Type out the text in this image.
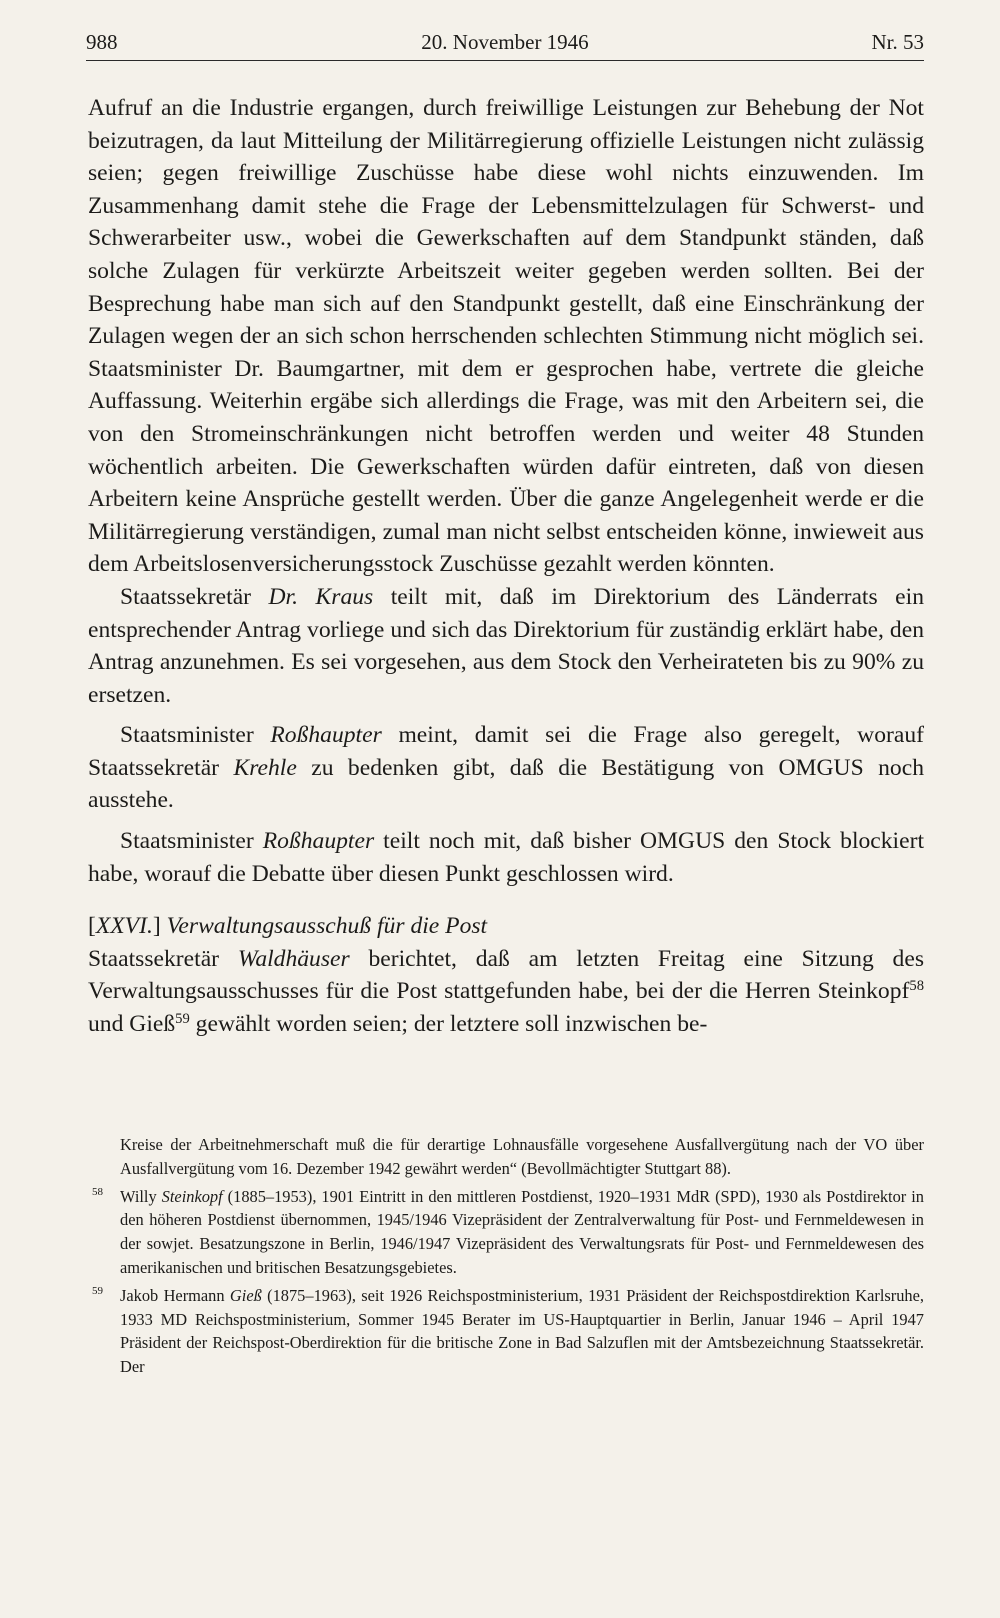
20. November 1946
988	Nr. 53

Aufruf an die Industrie ergangen, durch freiwillige Leistungen zur Behebung der Not beizutragen, da laut Mitteilung der Militärregierung offizielle Leistungen nicht zulässig seien; gegen freiwillige Zuschüsse habe diese wohl nichts einzuwenden. Im Zusammenhang damit stehe die Frage der Lebensmittelzulagen für Schwerst- und Schwerarbeiter usw., wobei die Gewerkschaften auf dem Standpunkt ständen, daß solche Zulagen für verkürzte Arbeitszeit weiter gegeben werden sollten. Bei der Besprechung habe man sich auf den Standpunkt gestellt, daß eine Einschränkung der Zulagen wegen der an sich schon herrschenden schlechten Stimmung nicht möglich sei. Staatsminister Dr. Baumgartner, mit dem er gesprochen habe, vertrete die gleiche Auffassung. Weiterhin ergäbe sich allerdings die Frage, was mit den Arbeitern sei, die von den Stromeinschränkungen nicht betroffen werden und weiter 48 Stunden wöchentlich arbeiten. Die Gewerkschaften würden dafür eintreten, daß von diesen Arbeitern keine Ansprüche gestellt werden. Über die ganze Angelegenheit werde er die Militärregierung verständigen, zumal man nicht selbst entscheiden könne, inwieweit aus dem Arbeitslosenversicherungsstock Zuschüsse gezahlt werden könnten.

Staatssekretär Dr. Kraus teilt mit, daß im Direktorium des Länderrats ein entsprechender Antrag vorliege und sich das Direktorium für zuständig erklärt habe, den Antrag anzunehmen. Es sei vorgesehen, aus dem Stock den Verheirateten bis zu 90% zu ersetzen.

Staatsminister Roßhaupter meint, damit sei die Frage also geregelt, worauf Staatssekretär Krehle zu bedenken gibt, daß die Bestätigung von OMGUS noch ausstehe.

Staatsminister Roßhaupter teilt noch mit, daß bisher OMGUS den Stock blockiert habe, worauf die Debatte über diesen Punkt geschlossen wird.

[XXVI.] Verwaltungsausschuß für die Post

Staatssekretär Waldhäuser berichtet, daß am letzten Freitag eine Sitzung des Verwaltungsausschusses für die Post stattgefunden habe, bei der die Herren Steinkopf$^{58}$ und Gieß$^{59}$ gewählt worden seien; der letztere soll inzwischen be-

Kreise der Arbeitnehmerschaft muß die für derartige Lohnausfälle vorgesehene Ausfallvergütung nach der VO über Ausfallvergütung vom 16. Dezember 1942 gewährt werden“ (Bevollmächtigter Stuttgart 88).

58 Willy Steinkopf (1885–1953), 1901 Eintritt in den mittleren Postdienst, 1920–1931 MdR (SPD), 1930 als Postdirektor in den höheren Postdienst übernommen, 1945/1946 Vizepräsident der Zentralverwaltung für Post- und Fernmeldewesen in der sowjet. Besatzungszone in Berlin, 1946/1947 Vizepräsident des Verwaltungsrats für Post- und Fernmeldewesen des amerikanischen und britischen Besatzungsgebietes.

59 Jakob Hermann Gieß (1875–1963), seit 1926 Reichspostministerium, 1931 Präsident der Reichspostdirektion Karlsruhe, 1933 MD Reichspostministerium, Sommer 1945 Berater im US-Hauptquartier in Berlin, Januar 1946 – April 1947 Präsident der Reichspost-Oberdirektion für die britische Zone in Bad Salzuflen mit der Amtsbezeichnung Staatssekretär. Der
